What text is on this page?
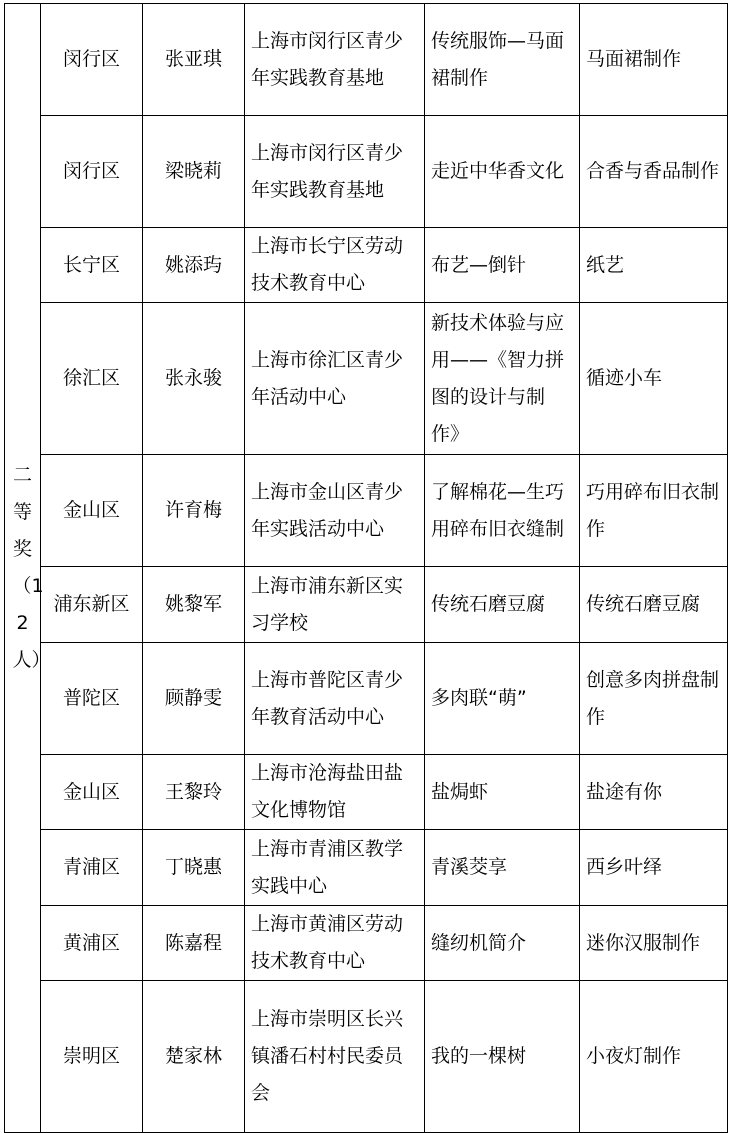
二等奖（12人）	闵行区	张亚琪	上海市闵行区青少年实践教育基地	传统服饰—马面裙制作	马面裙制作
	闵行区	梁晓莉	上海市闵行区青少年实践教育基地	走近中华香文化	合香与香品制作
	长宁区	姚添玙	上海市长宁区劳动技术教育中心	布艺—倒针	纸艺
	徐汇区	张永骏	上海市徐汇区青少年活动中心	新技术体验与应用——《智力拼图的设计与制作》	循迹小车
	金山区	许育梅	上海市金山区青少年实践活动中心	了解棉花—生巧用碎布旧衣缝制	巧用碎布旧衣制作
	浦东新区	姚黎军	上海市浦东新区实习学校	传统石磨豆腐	传统石磨豆腐
	普陀区	顾静雯	上海市普陀区青少年教育活动中心	多肉联“萌”	创意多肉拼盘制作
	金山区	王黎玲	上海市沧海盐田盐文化博物馆	盐焗虾	盐途有你
	青浦区	丁晓惠	上海市青浦区教学实践中心	青溪茭享	西乡叶绎
	黄浦区	陈嘉程	上海市黄浦区劳动技术教育中心	缝纫机简介	迷你汉服制作
	崇明区	楚家林	上海市崇明区长兴镇潘石村村民委员会	我的一棵树	小夜灯制作
